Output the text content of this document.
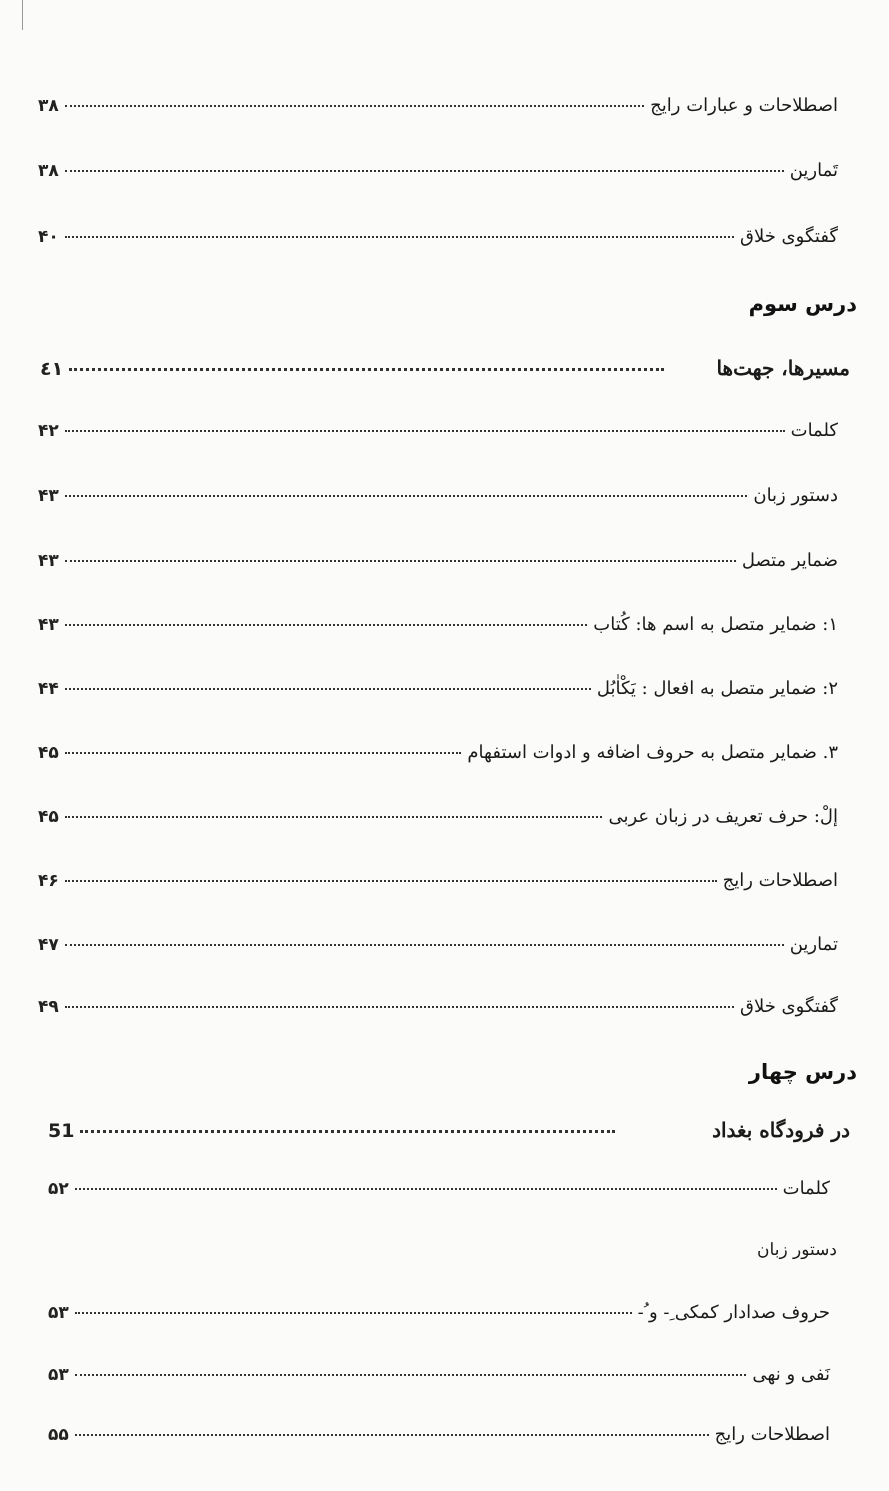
۳۸	اصطلاحات و عبارات رایج
۳۸	تَمارین
۴۰	گفتگوی خلاق
درس سوم
٤١	مسیرها، جهت‌ها
۴۲	کلمات
۴۳	دستور زبان
۴۳	ضمایر متصل
۴۳	۱: ضمایر متصل به اسم ها: کُتاب
۴۴	۲: ضمایر متصل به افعال : یَکْاٰبُل
۴۵	۳. ضمایر متصل به حروف اضافه و ادوات استفهام
۴۵	إلْ: حرف تعریف در زبان عربی
۴۶	اصطلاحات رایج
۴۷	تمارین
۴۹	گفتگوی خلاق
درس چهار
51	در فرودگاه بغداد
۵۲	کلمات
دستور زبان
۵۳	حروف صدادار کمکی ِ- و ُ-
۵۳	نَفی و نهی
۵۵	اصطلاحات رایج
